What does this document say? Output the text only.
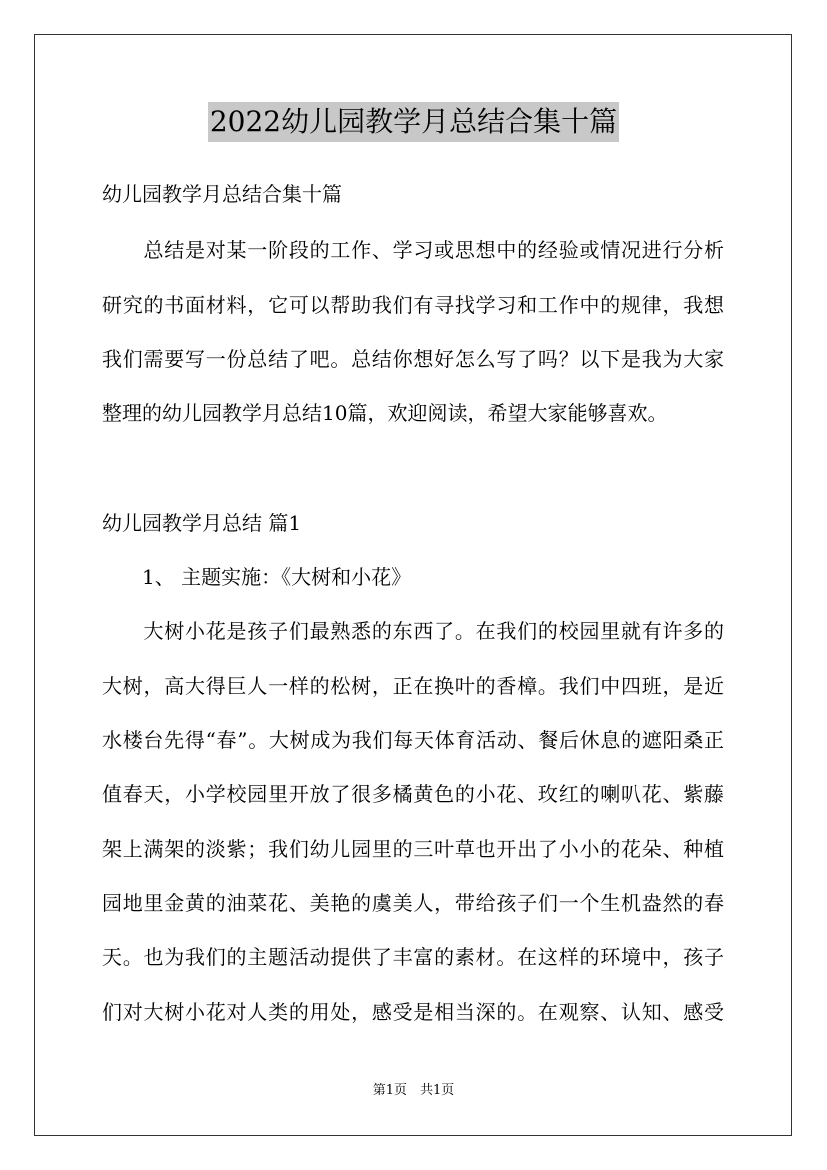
2022幼儿园教学月总结合集十篇
幼儿园教学月总结合集十篇
　　总结是对某一阶段的工作、学习或思想中的经验或情况进行分析
研究的书面材料，它可以帮助我们有寻找学习和工作中的规律，我想
我们需要写一份总结了吧。总结你想好怎么写了吗？以下是我为大家
整理的幼儿园教学月总结10篇，欢迎阅读，希望大家能够喜欢。
幼儿园教学月总结 篇1
　　1、 主题实施：《大树和小花》
　　大树小花是孩子们最熟悉的东西了。在我们的校园里就有许多的
大树，高大得巨人一样的松树，正在换叶的香樟。我们中四班，是近
水楼台先得“春”。大树成为我们每天体育活动、餐后休息的遮阳桑正
值春天，小学校园里开放了很多橘黄色的小花、玫红的喇叭花、紫藤
架上满架的淡紫；我们幼儿园里的三叶草也开出了小小的花朵、种植
园地里金黄的油菜花、美艳的虞美人，带给孩子们一个生机盎然的春
天。也为我们的主题活动提供了丰富的素材。在这样的环境中，孩子
们对大树小花对人类的用处，感受是相当深的。在观察、认知、感受
第1页　共1页
